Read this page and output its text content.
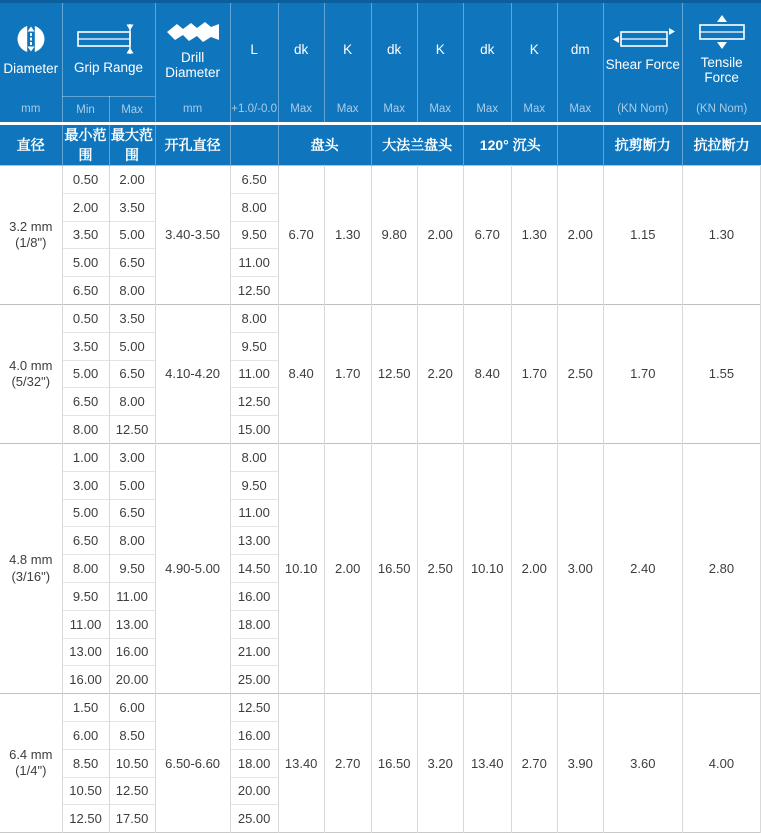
Diameter	Grip Range		Drill Diameter	L	dk	K	dk	K	dk	K	dm	Shear Force	Tensile Force

mm	Min	Max	mm	+1.0/-0.0	Max	Max	Max	Max	Max	Max	Max	(KN Nom)	(KN Nom)
直径	最小范围	最大范围	开孔直径		盘头		大法兰盘头		120° 沉头			抗剪断力	抗拉断力

3.2 mm
(1/8")	0.50	2.00	3.40-3.50	6.50	6.70	1.30	9.80	2.00	6.70	1.30	2.00	1.15	1.30
	2.00	3.50		8.00									
	3.50	5.00		9.50									
	5.00	6.50		11.00									
	6.50	8.00		12.50									

4.0 mm
(5/32")	0.50	3.50	4.10-4.20	8.00	8.40	1.70	12.50	2.20	8.40	1.70	2.50	1.70	1.55
	3.50	5.00		9.50									
	5.00	6.50		11.00									
	6.50	8.00		12.50									
	8.00	12.50		15.00									

4.8 mm
(3/16")	1.00	3.00	4.90-5.00	8.00	10.10	2.00	16.50	2.50	10.10	2.00	3.00	2.40	2.80
	3.00	5.00		9.50									
	5.00	6.50		11.00									
	6.50	8.00		13.00									
	8.00	9.50		14.50									
	9.50	11.00		16.00									
	11.00	13.00		18.00									
	13.00	16.00		21.00									
	16.00	20.00		25.00									

6.4 mm
(1/4")	1.50	6.00	6.50-6.60	12.50	13.40	2.70	16.50	3.20	13.40	2.70	3.90	3.60	4.00
	6.00	8.50		16.00									
	8.50	10.50		18.00									
	10.50	12.50		20.00									
	12.50	17.50		25.00									
